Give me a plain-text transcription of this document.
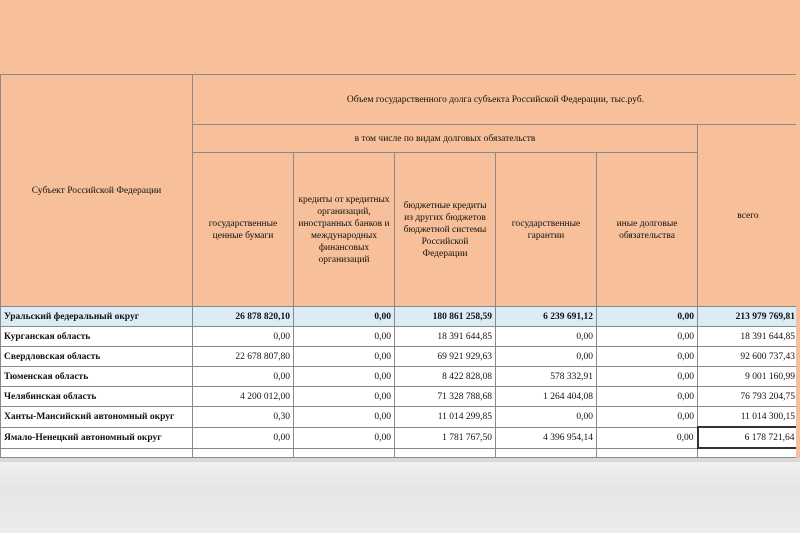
Субъект Российской Федерации	Объем государственного долга субъекта Российской Федерации, тыс.руб.					
	в том числе по видам долговых обязательств					всего
	государственные ценные бумаги	кредиты от кредитных организаций, иностранных банков и международных финансовых организаций	бюджетные кредиты из других бюджетов бюджетной системы Российской Федерации	государственные гарантии	иные долговые обязательства	
Уральский федеральный округ	26 878 820,10	0,00	180 861 258,59	6 239 691,12	0,00	213 979 769,81
Курганская область	0,00	0,00	18 391 644,85	0,00	0,00	18 391 644,85
Свердловская область	22 678 807,80	0,00	69 921 929,63	0,00	0,00	92 600 737,43
Тюменская область	0,00	0,00	8 422 828,08	578 332,91	0,00	9 001 160,99
Челябинская область	4 200 012,00	0,00	71 328 788,68	1 264 404,08	0,00	76 793 204,75
Ханты-Мансийский автономный округ	0,30	0,00	11 014 299,85	0,00	0,00	11 014 300,15
Ямало-Ненецкий автономный округ	0,00	0,00	1 781 767,50	4 396 954,14	0,00	6 178 721,64
